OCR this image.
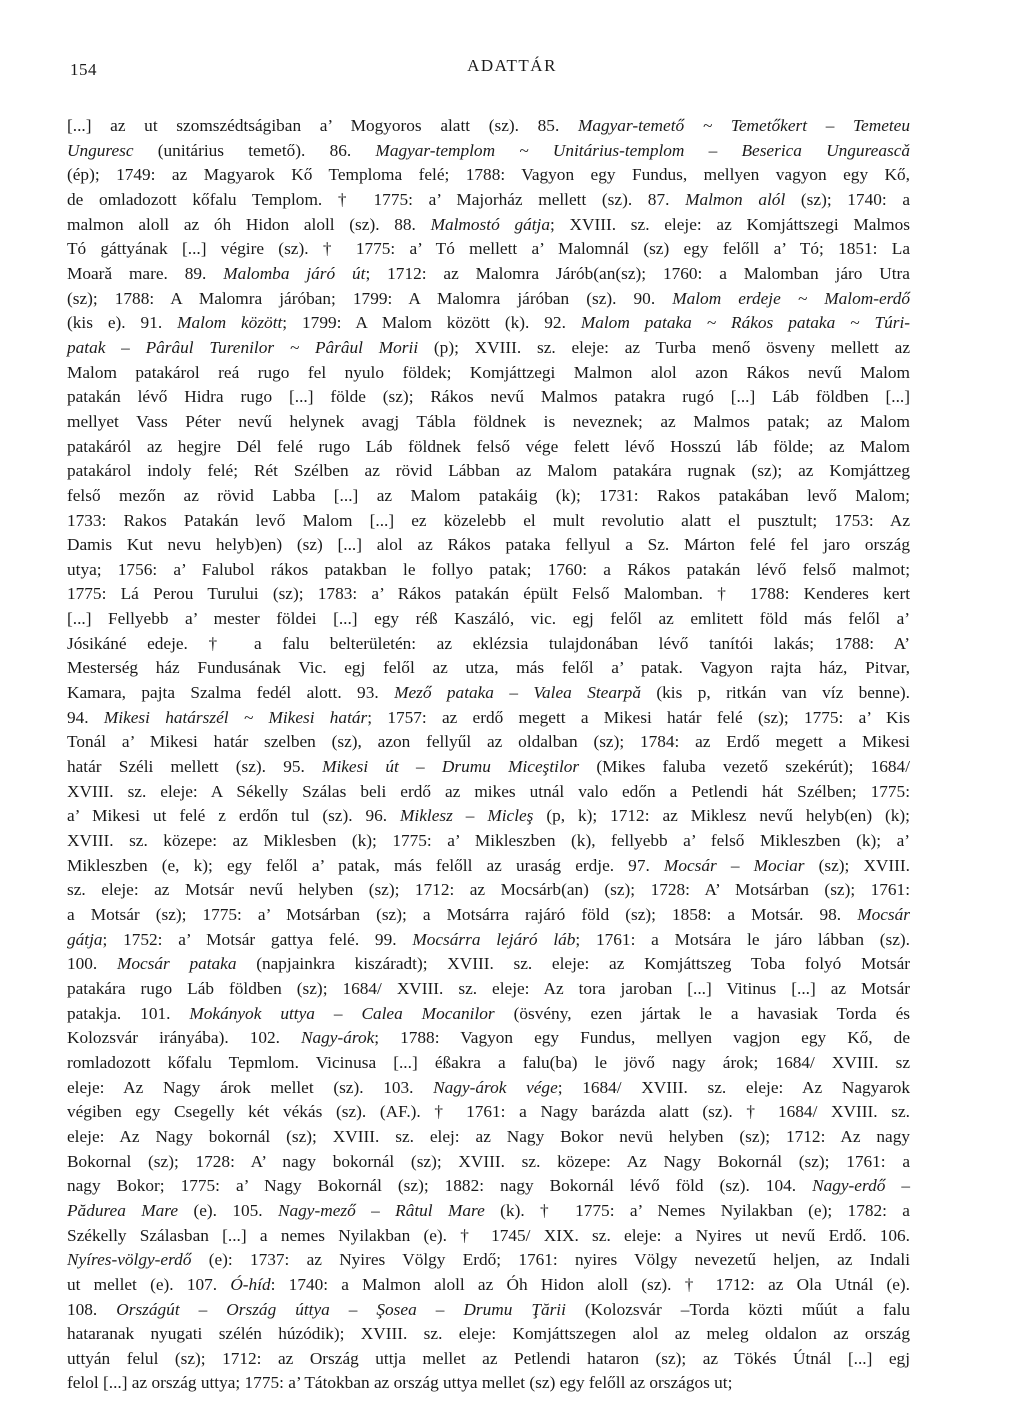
154	ADATTÁR
[...] az ut szomszédtságiban a’ Mogyoros alatt (sz). 85. Magyar-temető ~ Temetőkert – Temeteu
Unguresc (unitárius temető). 86. Magyar-templom ~ Unitárius-templom – Beserica Ungureascǎ
(ép); 1749: az Magyarok Kő Temploma felé; 1788: Vagyon egy Fundus, mellyen vagyon egy Kő,
de omladozott kőfalu Templom. † 1775: a’ Majorház mellett (sz). 87. Malmon alól (sz); 1740: a
malmon aloll az óh Hidon aloll (sz). 88. Malmostó gátja; XVIII. sz. eleje: az Komjáttszegi Malmos
Tó gáttyának [...] végire (sz). † 1775: a’ Tó mellett a’ Malomnál (sz) egy felőll a’ Tó; 1851: La
Moarǎ mare. 89. Malomba járó út; 1712: az Malomra Járób(an(sz); 1760: a Malomban járo Utra
(sz); 1788: A Malomra járóban; 1799: A Malomra járóban (sz). 90. Malom erdeje ~ Malom-erdő
(kis e). 91. Malom között; 1799: A Malom között (k). 92. Malom pataka ~ Rákos pataka ~ Túri-
patak – Pârâul Turenilor ~ Pârâul Morii (p); XVIII. sz. eleje: az Turba menő ösveny mellett az
Malom patakárol reá rugo fel nyulo földek; Komjáttzegi Malmon alol azon Rákos nevű Malom
patakán lévő Hidra rugo [...] földe (sz); Rákos nevű Malmos patakra rugó [...] Láb földben [...]
mellyet Vass Péter nevű helynek avagj Tábla földnek is neveznek; az Malmos patak; az Malom
patakáról az hegjre Dél felé rugo Láb földnek felső vége felett lévő Hosszú láb földe; az Malom
patakárol indoly felé; Rét Szélben az rövid Lábban az Malom patakára rugnak (sz); az Komjáttzeg
felső mezőn az rövid Labba [...] az Malom patakáig (k); 1731: Rakos patakában levő Malom;
1733: Rakos Patakán levő Malom [...] ez közelebb el mult revolutio alatt el pusztult; 1753: Az
Damis Kut nevu helyb)en) (sz) [...] alol az Rákos pataka fellyul a Sz. Márton felé fel jaro ország
utya; 1756: a’ Falubol rákos patakban le follyo patak; 1760: a Rákos patakán lévő felső malmot;
1775: Lá Perou Turului (sz); 1783: a’ Rákos patakán épült Felső Malomban. † 1788: Kenderes kert
[...] Fellyebb a’ mester földei [...] egy réß Kaszáló, vic. egj felől az emlitett föld más felől a’
Jósikáné edeje. † a falu belterületén: az eklézsia tulajdonában lévő tanítói lakás; 1788: A’
Mesterség ház Fundusának Vic. egj felől az utza, más felől a’ patak. Vagyon rajta ház, Pitvar,
Kamara, pajta Szalma fedél alott. 93. Mező pataka – Valea Stearpǎ (kis p, ritkán van víz benne).
94. Mikesi határszél ~ Mikesi határ; 1757: az erdő megett a Mikesi határ felé (sz); 1775: a’ Kis
Tonál a’ Mikesi határ szelben (sz), azon fellyűl az oldalban (sz); 1784: az Erdő megett a Mikesi
határ Széli mellett (sz). 95. Mikesi út – Drumu Miceştilor (Mikes faluba vezető szekérút); 1684/
XVIII. sz. eleje: A Sékelly Szálas beli erdő az mikes utnál valo edőn a Petlendi hát Szélben; 1775:
a’ Mikesi ut felé z erdőn tul (sz). 96. Miklesz – Micleş (p, k); 1712: az Miklesz nevű helyb(en) (k);
XVIII. sz. közepe: az Miklesben (k); 1775: a’ Mikleszben (k), fellyebb a’ felső Mikleszben (k); a’
Mikleszben (e, k); egy felől a’ patak, más felőll az uraság erdje. 97. Mocsár – Mociar (sz); XVIII.
sz. eleje: az Motsár nevű helyben (sz); 1712: az Mocsárb(an) (sz); 1728: A’ Motsárban (sz); 1761:
a Motsár (sz); 1775: a’ Motsárban (sz); a Motsárra rajáró föld (sz); 1858: a Motsár. 98. Mocsár
gátja; 1752: a’ Motsár gattya felé. 99. Mocsárra lejáró láb; 1761: a Motsára le járo lábban (sz).
100. Mocsár pataka (napjainkra kiszáradt); XVIII. sz. eleje: az Komjáttszeg Toba folyó Motsár
patakára rugo Láb földben (sz); 1684/ XVIII. sz. eleje: Az tora jaroban [...] Vitinus [...] az Motsár
patakja. 101. Mokányok uttya – Calea Mocanilor (ösvény, ezen jártak le a havasiak Torda és
Kolozsvár irányába). 102. Nagy-árok; 1788: Vagyon egy Fundus, mellyen vagjon egy Kő, de
romladozott kőfalu Tepmlom. Vicinusa [...] éßakra a falu(ba) le jövő nagy árok; 1684/ XVIII. sz
eleje: Az Nagy árok mellet (sz). 103. Nagy-árok vége; 1684/ XVIII. sz. eleje: Az Nagyarok
végiben egy Csegelly két vékás (sz). (AF.). † 1761: a Nagy barázda alatt (sz). † 1684/ XVIII. sz.
eleje: Az Nagy bokornál (sz); XVIII. sz. elej: az Nagy Bokor nevü helyben (sz); 1712: Az nagy
Bokornal (sz); 1728: A’ nagy bokornál (sz); XVIII. sz. közepe: Az Nagy Bokornál (sz); 1761: a
nagy Bokor; 1775: a’ Nagy Bokornál (sz); 1882: nagy Bokornál lévő föld (sz). 104. Nagy-erdő –
Pădurea Mare (e). 105. Nagy-mező – Râtul Mare (k). † 1775: a’ Nemes Nyilakban (e); 1782: a
Székelly Szálasban [...] a nemes Nyilakban (e). † 1745/ XIX. sz. eleje: a Nyires ut nevű Erdő. 106.
Nyíres-völgy-erdő (e): 1737: az Nyires Völgy Erdő; 1761: nyires Völgy nevezetű heljen, az Indali
ut mellet (e). 107. Ó-híd: 1740: a Malmon aloll az Óh Hidon aloll (sz). † 1712: az Ola Utnál (e).
108. Országút – Ország úttya – Şosea – Drumu Ţării (Kolozsvár –Torda közti műút a falu
hataranak nyugati szélén húzódik); XVIII. sz. eleje: Komjáttszegen alol az meleg oldalon az ország
uttyán felul (sz); 1712: az Ország uttja mellet az Petlendi hataron (sz); az Tökés Útnál [...] egj
felol [...] az ország uttya; 1775: a’ Tátokban az ország uttya mellet (sz) egy felőll az országos ut;
